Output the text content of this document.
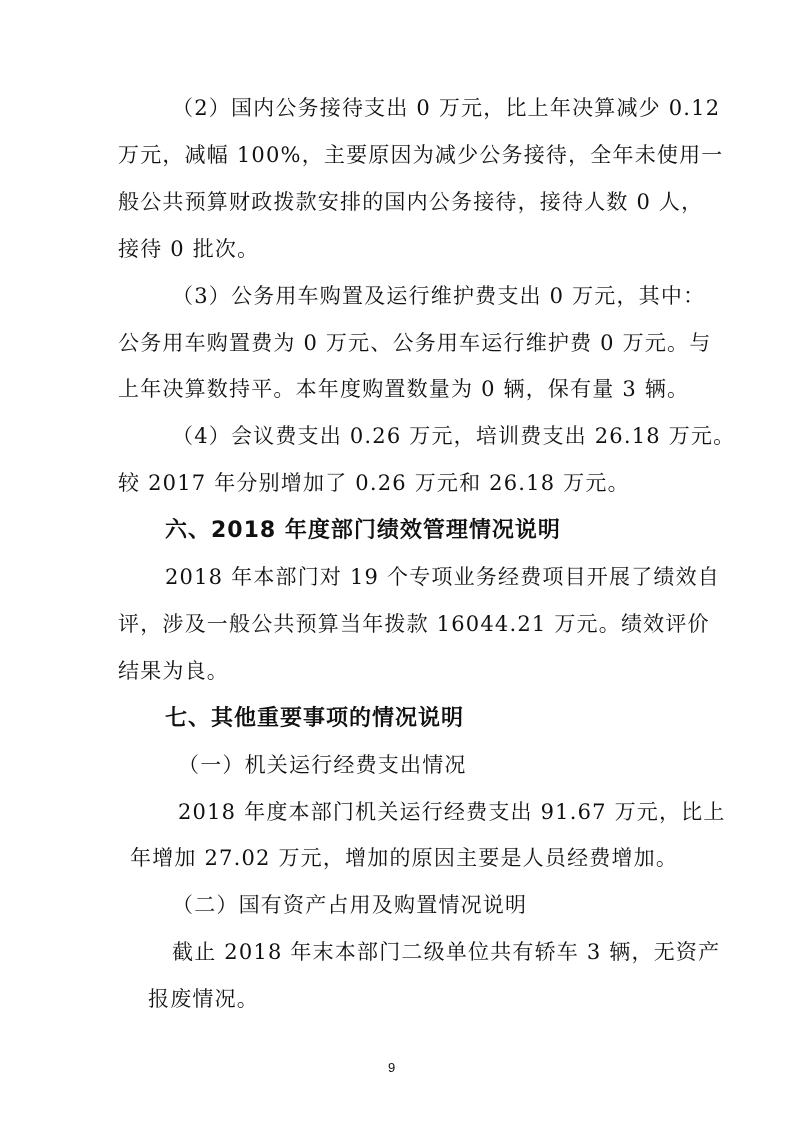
（2）国内公务接待支出 0 万元，比上年决算减少 0.12
万元，减幅 100%，主要原因为减少公务接待，全年未使用一
般公共预算财政拨款安排的国内公务接待，接待人数 0 人，
接待 0 批次。
（3）公务用车购置及运行维护费支出 0 万元，其中：
公务用车购置费为 0 万元、公务用车运行维护费 0 万元。与
上年决算数持平。本年度购置数量为 0 辆，保有量 3 辆。
（4）会议费支出 0.26 万元，培训费支出 26.18 万元。
较 2017 年分别增加了 0.26 万元和 26.18 万元。
六、2018 年度部门绩效管理情况说明
2018 年本部门对 19 个专项业务经费项目开展了绩效自
评，涉及一般公共预算当年拨款 16044.21 万元。绩效评价
结果为良。
七、其他重要事项的情况说明
（一）机关运行经费支出情况
2018 年度本部门机关运行经费支出 91.67 万元，比上
年增加 27.02 万元，增加的原因主要是人员经费增加。
（二）国有资产占用及购置情况说明
截止 2018 年末本部门二级单位共有轿车 3 辆，无资产
报废情况。
9
